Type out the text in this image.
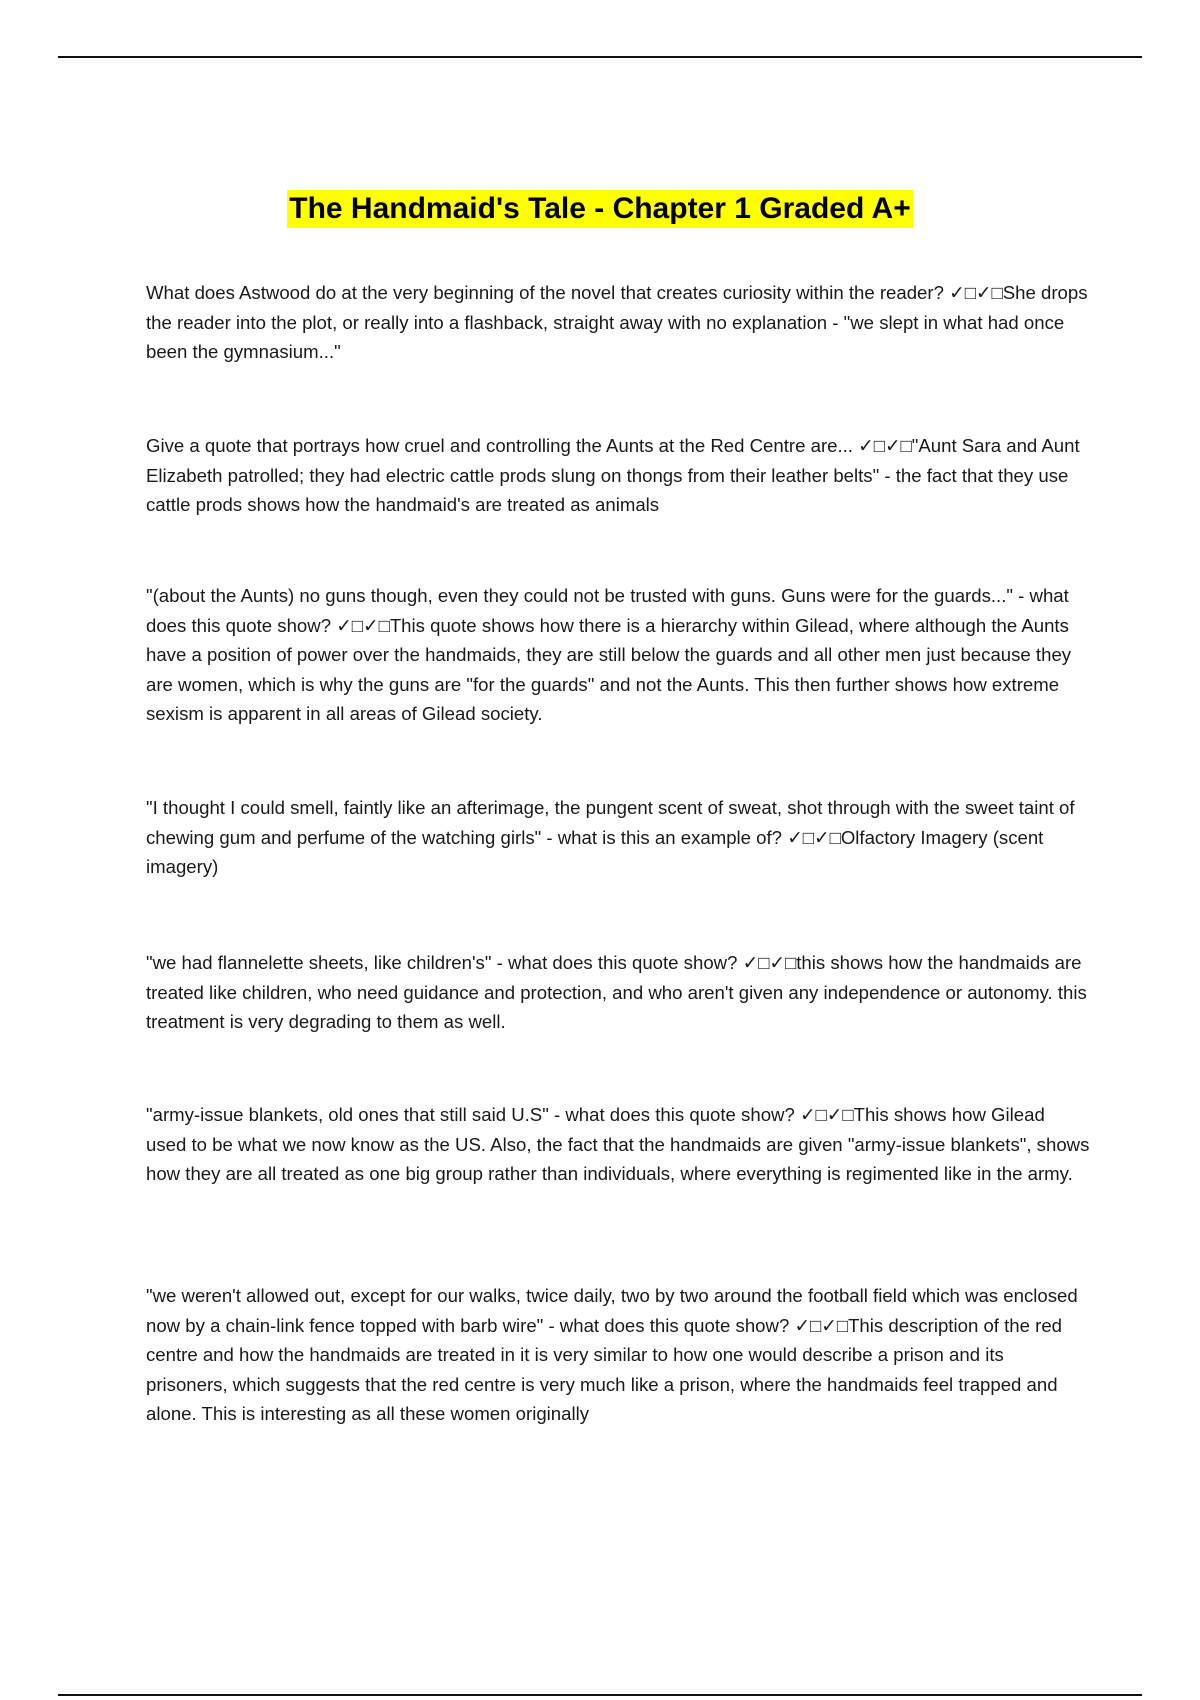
The Handmaid's Tale - Chapter 1 Graded A+

What does Astwood do at the very beginning of the novel that creates curiosity within the reader? ✓□✓□She drops the reader into the plot, or really into a flashback, straight away with no explanation - "we slept in what had once been the gymnasium..."

Give a quote that portrays how cruel and controlling the Aunts at the Red Centre are... ✓□✓□"Aunt Sara and Aunt Elizabeth patrolled; they had electric cattle prods slung on thongs from their leather belts" - the fact that they use cattle prods shows how the handmaid's are treated as animals

"(about the Aunts) no guns though, even they could not be trusted with guns. Guns were for the guards..." - what does this quote show? ✓□✓□This quote shows how there is a hierarchy within Gilead, where although the Aunts have a position of power over the handmaids, they are still below the guards and all other men just because they are women, which is why the guns are "for the guards" and not the Aunts. This then further shows how extreme sexism is apparent in all areas of Gilead society.

"I thought I could smell, faintly like an afterimage, the pungent scent of sweat, shot through with the sweet taint of chewing gum and perfume of the watching girls" - what is this an example of? ✓□✓□Olfactory Imagery (scent imagery)

"we had flannelette sheets, like children's" - what does this quote show? ✓□✓□this shows how the handmaids are treated like children, who need guidance and protection, and who aren't given any independence or autonomy. this treatment is very degrading to them as well.

"army-issue blankets, old ones that still said U.S" - what does this quote show? ✓□✓□This shows how Gilead used to be what we now know as the US. Also, the fact that the handmaids are given "army-issue blankets", shows how they are all treated as one big group rather than individuals, where everything is regimented like in the army.

"we weren't allowed out, except for our walks, twice daily, two by two around the football field which was enclosed now by a chain-link fence topped with barb wire" - what does this quote show? ✓□✓□This description of the red centre and how the handmaids are treated in it is very similar to how one would describe a prison and its prisoners, which suggests that the red centre is very much like a prison, where the handmaids feel trapped and alone. This is interesting as all these women originally
